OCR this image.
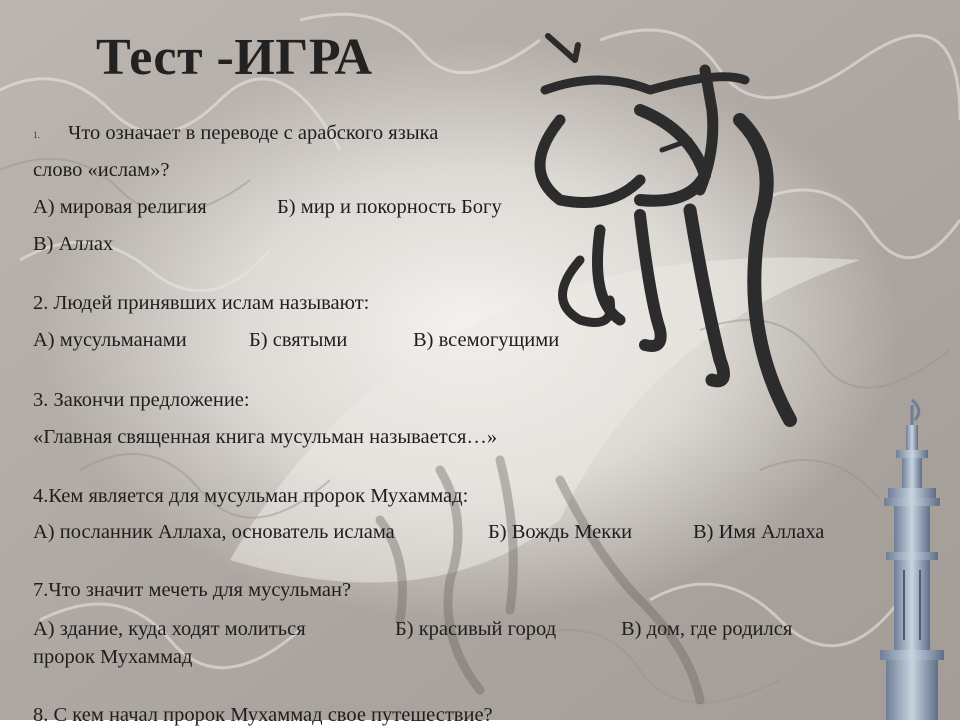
Тест -ИГРА
1. Что означает в переводе с арабского языка
слово «ислам»?
А) мировая религия	Б) мир и покорность Богу
В) Аллах
2. Людей принявших ислам называют:
А) мусульманами	Б) святыми	В) всемогущими
3. Закончи предложение:
«Главная священная книга мусульман называется…»
4.Кем является для мусульман пророк Мухаммад:
А) посланник Аллаха, основатель ислама	Б) Вождь Мекки	В) Имя Аллаха
7.Что значит мечеть для мусульман?
А) здание, куда ходят молиться	Б) красивый город	В) дом, где родился
пророк Мухаммад
8. С кем начал пророк Мухаммад свое путешествие?
